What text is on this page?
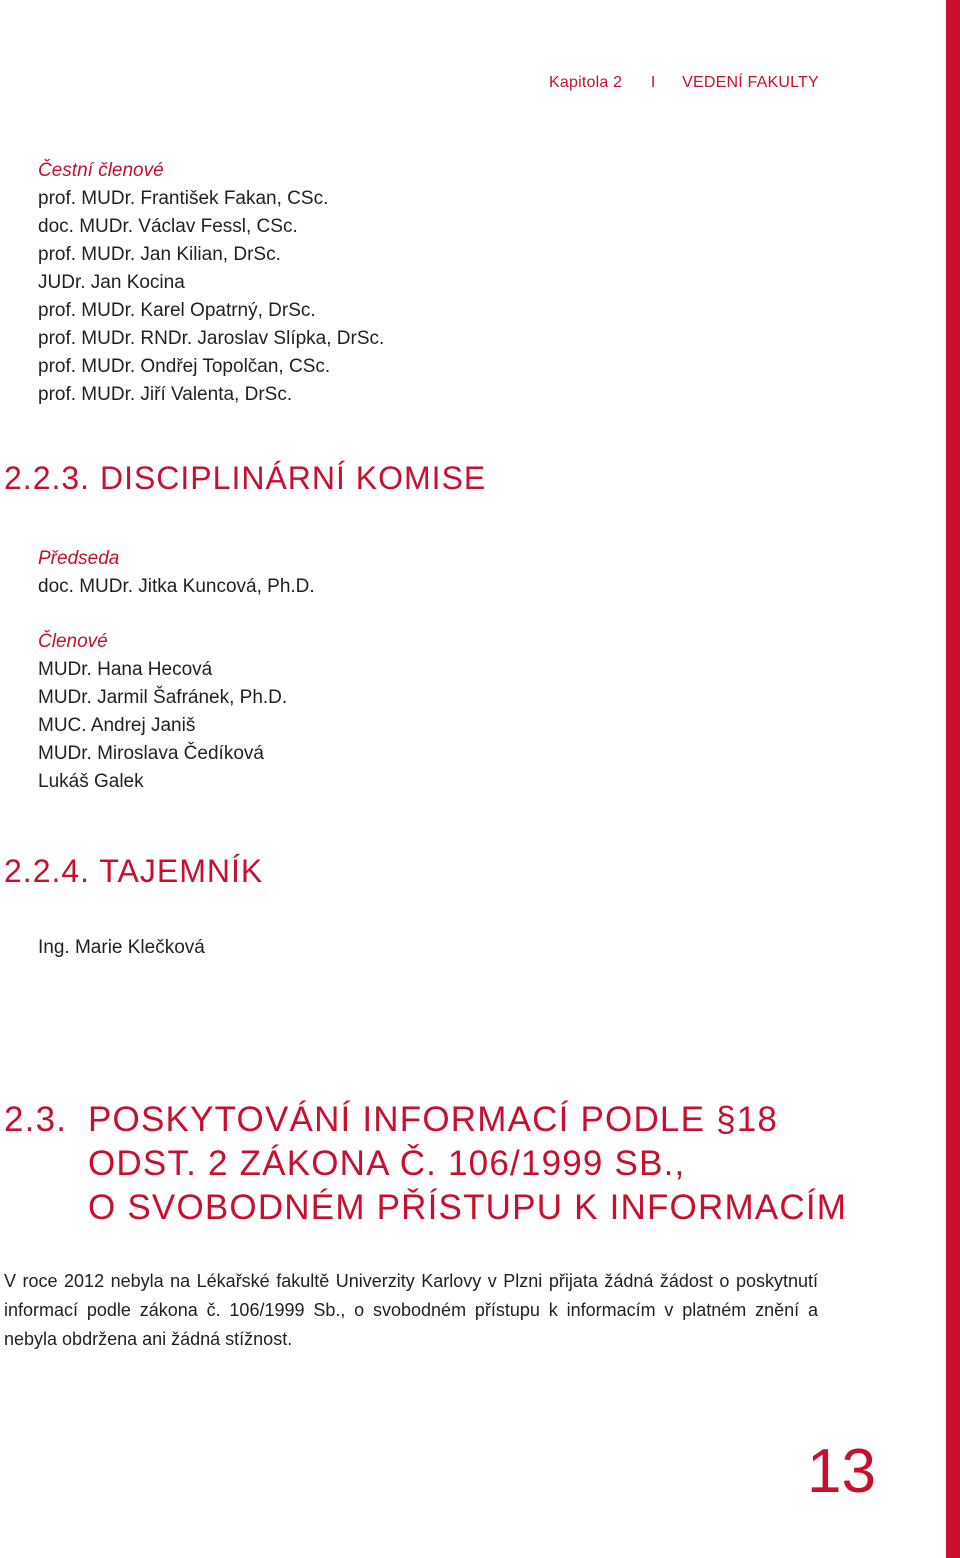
Kapitola 2 I VEDENÍ FAKULTY
Čestní členové
prof. MUDr. František Fakan, CSc.
doc. MUDr. Václav Fessl, CSc.
prof. MUDr. Jan Kilian, DrSc.
JUDr. Jan Kocina
prof. MUDr. Karel Opatrný, DrSc.
prof. MUDr. RNDr. Jaroslav Slípka, DrSc.
prof. MUDr. Ondřej Topolčan, CSc.
prof. MUDr. Jiří Valenta, DrSc.
2.2.3. DISCIPLINÁRNÍ KOMISE
Předseda
doc. MUDr. Jitka Kuncová, Ph.D.
Členové
MUDr. Hana Hecová
MUDr. Jarmil Šafránek, Ph.D.
MUC. Andrej Janiš
MUDr. Miroslava Čedíková
Lukáš Galek
2.2.4. TAJEMNÍK
Ing. Marie Klečková
2.3. POSKYTOVÁNÍ INFORMACÍ PODLE §18
ODST. 2 ZÁKONA Č. 106/1999 SB.,
O SVOBODNÉM PŘÍSTUPU K INFORMACÍM
V roce 2012 nebyla na Lékařské fakultě Univerzity Karlovy v Plzni přijata žádná žádost o poskytnutí informací podle zákona č. 106/1999 Sb., o svobodném přístupu k informacím v platném znění a nebyla obdržena ani žádná stížnost.
13
